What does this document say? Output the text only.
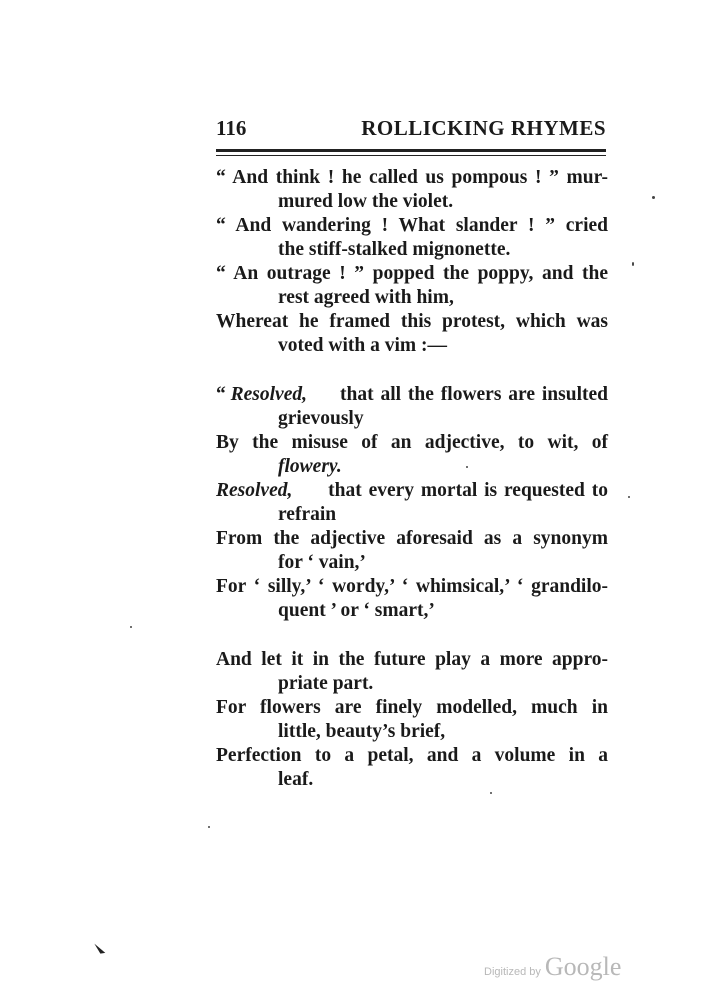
116	ROLLICKING RHYMES
“ And think ! he called us pompous ! ” mur-
mured low the violet.
“ And wandering ! What slander ! ” cried
the stiff-stalked mignonette.
“ An outrage ! ” popped the poppy, and the
rest agreed with him,
Whereat he framed this protest, which was
voted with a vim :—
“ Resolved,	that all the flowers are insulted
grievously
By the misuse of an adjective, to wit, of
flowery.
Resolved,	that every mortal is requested to
refrain
From the adjective aforesaid as a synonym
for ‘ vain,’
For ‘ silly,’ ‘ wordy,’ ‘ whimsical,’ ‘ grandilo-
quent ’ or ‘ smart,’
And let it in the future play a more appro-
priate part.
For flowers are finely modelled, much in
little, beauty’s brief,
Perfection to a petal, and a volume in a
leaf.
Digitized by Google
